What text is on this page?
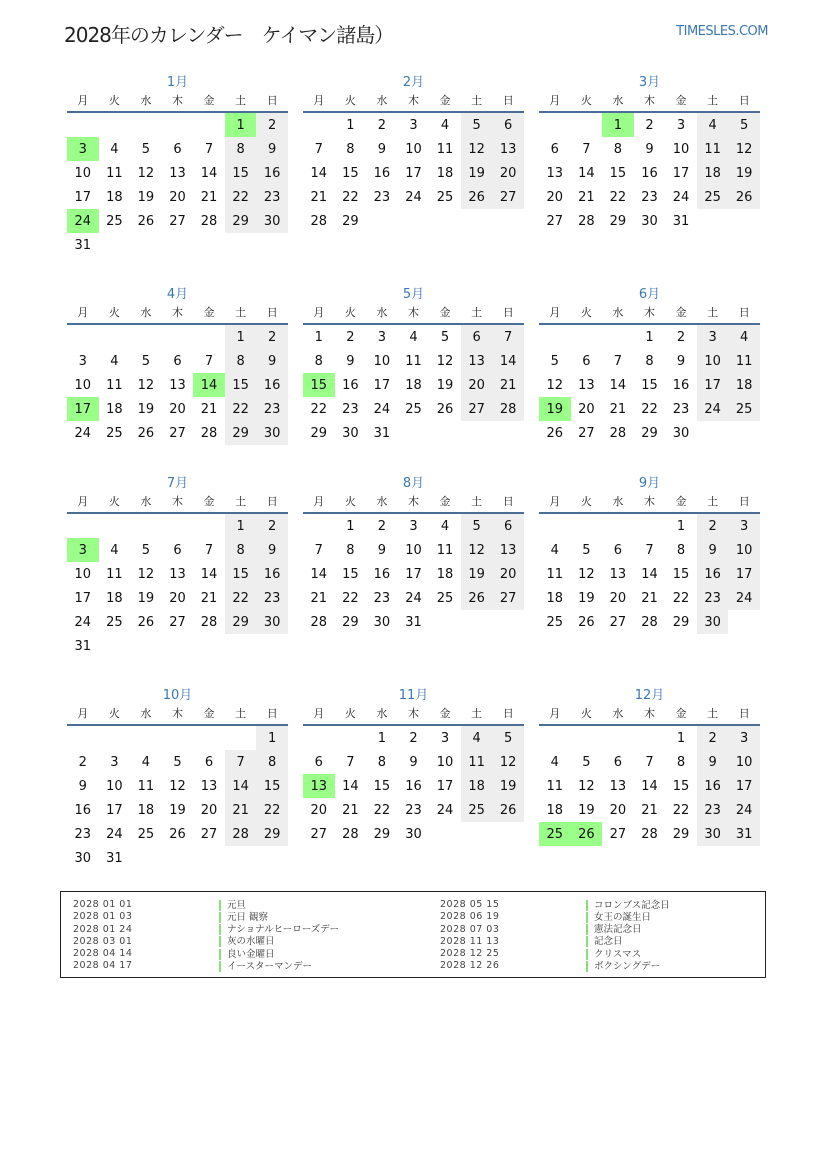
2028年のカレンダー　ケイマン諸島）	TIMESLES.COM
1月
月	火	水	木	金	土	日
					1	2
3	4	5	6	7	8	9
10	11	12	13	14	15	16
17	18	19	20	21	22	23
24	25	26	27	28	29	30
31						
2月
月	火	水	木	金	土	日
	1	2	3	4	5	6
7	8	9	10	11	12	13
14	15	16	17	18	19	20
21	22	23	24	25	26	27
28	29					
3月
月	火	水	木	金	土	日
		1	2	3	4	5
6	7	8	9	10	11	12
13	14	15	16	17	18	19
20	21	22	23	24	25	26
27	28	29	30	31		
4月
月	火	水	木	金	土	日
					1	2
3	4	5	6	7	8	9
10	11	12	13	14	15	16
17	18	19	20	21	22	23
24	25	26	27	28	29	30
5月
月	火	水	木	金	土	日
1	2	3	4	5	6	7
8	9	10	11	12	13	14
15	16	17	18	19	20	21
22	23	24	25	26	27	28
29	30	31				
6月
月	火	水	木	金	土	日
			1	2	3	4
5	6	7	8	9	10	11
12	13	14	15	16	17	18
19	20	21	22	23	24	25
26	27	28	29	30		
7月
月	火	水	木	金	土	日
					1	2
3	4	5	6	7	8	9
10	11	12	13	14	15	16
17	18	19	20	21	22	23
24	25	26	27	28	29	30
31						
8月
月	火	水	木	金	土	日
	1	2	3	4	5	6
7	8	9	10	11	12	13
14	15	16	17	18	19	20
21	22	23	24	25	26	27
28	29	30	31			
9月
月	火	水	木	金	土	日
				1	2	3
4	5	6	7	8	9	10
11	12	13	14	15	16	17
18	19	20	21	22	23	24
25	26	27	28	29	30	
10月
月	火	水	木	金	土	日
						1
2	3	4	5	6	7	8
9	10	11	12	13	14	15
16	17	18	19	20	21	22
23	24	25	26	27	28	29
30	31					
11月
月	火	水	木	金	土	日
		1	2	3	4	5
6	7	8	9	10	11	12
13	14	15	16	17	18	19
20	21	22	23	24	25	26
27	28	29	30			
12月
月	火	水	木	金	土	日
				1	2	3
4	5	6	7	8	9	10
11	12	13	14	15	16	17
18	19	20	21	22	23	24
25	26	27	28	29	30	31
2028 01 01	元旦
2028 01 03	元日 観察
2028 01 24	ナショナルヒーローズデー
2028 03 01	灰の水曜日
2028 04 14	良い金曜日
2028 04 17	イースターマンデー
2028 05 15	コロンブス記念日
2028 06 19	女王の誕生日
2028 07 03	憲法記念日
2028 11 13	記念日
2028 12 25	クリスマス
2028 12 26	ボクシングデー
